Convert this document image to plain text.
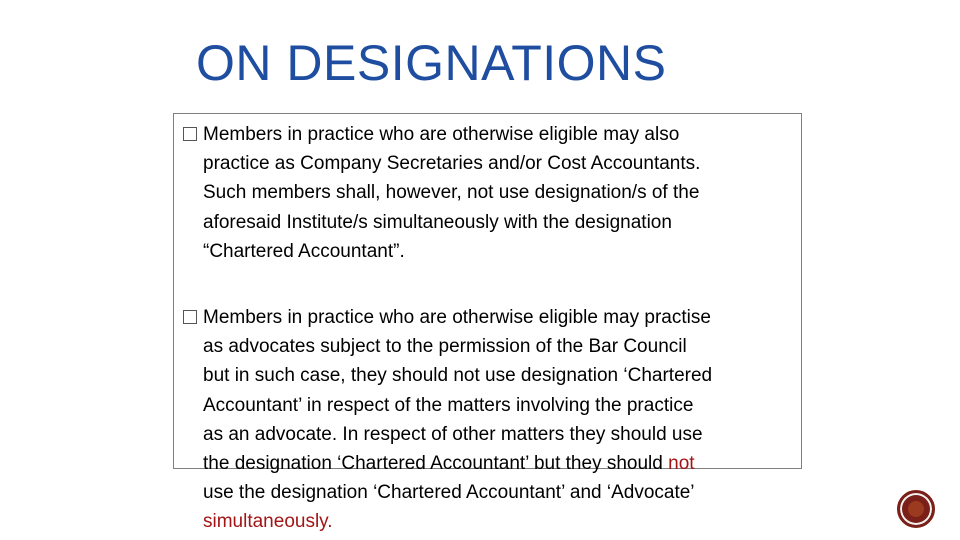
ON DESIGNATIONS

Members in practice who are otherwise eligible may also
practice as Company Secretaries and/or Cost Accountants.
Such members shall, however, not use designation/s of the
aforesaid Institute/s simultaneously with the designation
“Chartered Accountant”.

Members in practice who are otherwise eligible may practise
as advocates subject to the permission of the Bar Council
but in such case, they should not use designation ‘Chartered
Accountant’ in respect of the matters involving the practice
as an advocate. In respect of other matters they should use
the designation ‘Chartered Accountant’ but they should not
use the designation ‘Chartered Accountant’ and ‘Advocate’
simultaneously.
